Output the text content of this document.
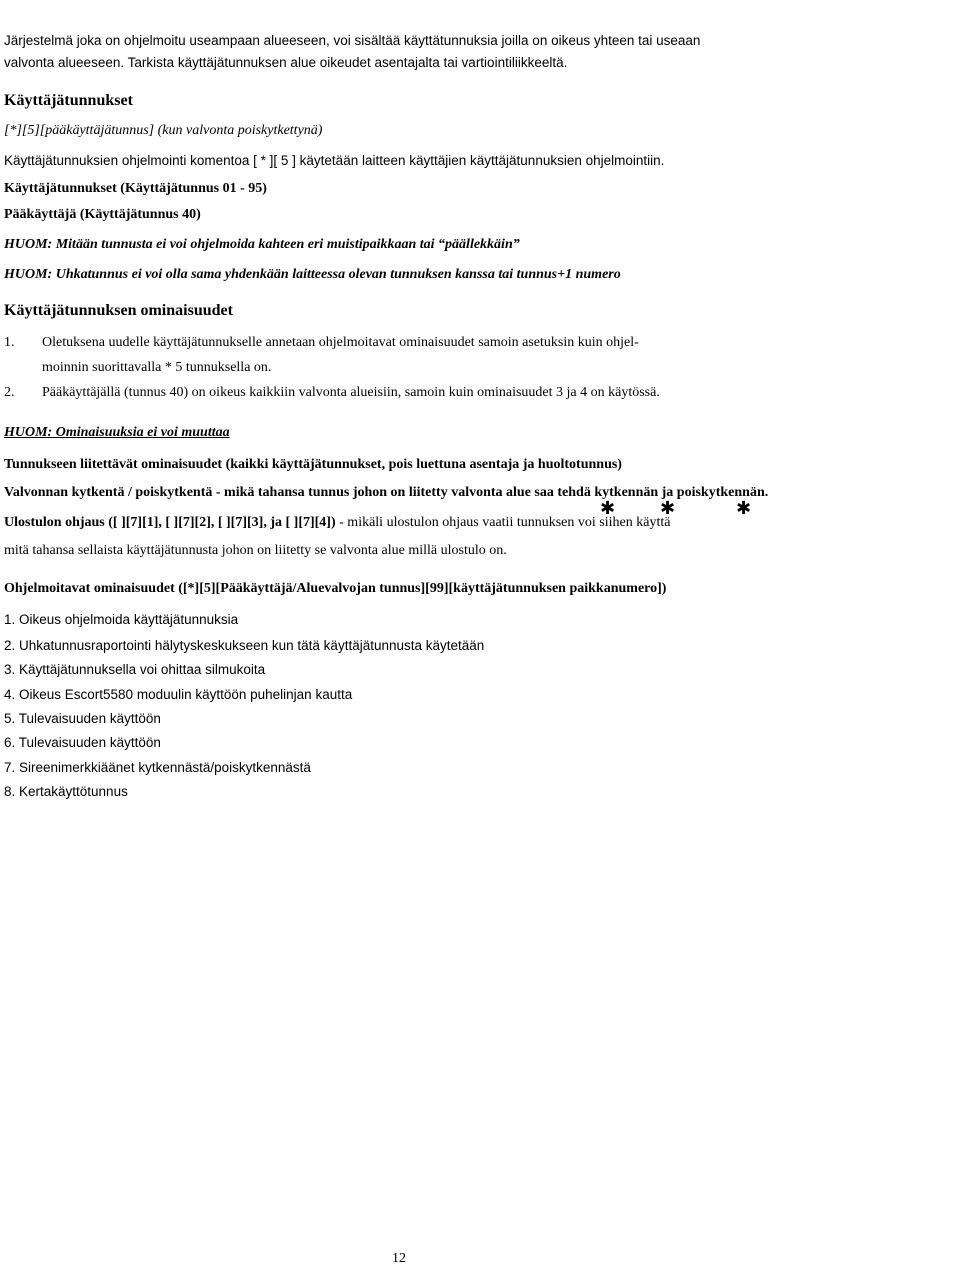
Järjestelmä joka on ohjelmoitu useampaan alueeseen, voi sisältää käyttätunnuksia joilla on oikeus yhteen tai useaan
valvonta alueeseen. Tarkista käyttäjätunnuksen alue oikeudet asentajalta tai vartiointiliikkeeltä.
Käyttäjätunnukset
[*][5][pääkäyttäjätunnus] (kun valvonta poiskytkettynä)
Käyttäjätunnuksien ohjelmointi komentoa [ * ][ 5 ] käytetään laitteen käyttäjien käyttäjätunnuksien ohjelmointiin.
Käyttäjätunnukset (Käyttäjätunnus 01 - 95)
Pääkäyttäjä (Käyttäjätunnus 40)
HUOM: Mitään tunnusta ei voi ohjelmoida kahteen eri muistipaikkaan tai “päällekkäin”
HUOM: Uhkatunnus ei voi olla sama yhdenkään laitteessa olevan tunnuksen kanssa tai tunnus+1 numero
Käyttäjätunnuksen ominaisuudet
1. Oletuksena uudelle käyttäjätunnukselle annetaan ohjelmoitavat ominaisuudet samoin asetuksin kuin ohjel-
moinnin suorittavalla * 5 tunnuksella on.
2. Pääkäyttäjällä (tunnus 40) on oikeus kaikkiin valvonta alueisiin, samoin kuin ominaisuudet 3 ja 4 on käytössä.
HUOM: Ominaisuuksia ei voi muuttaa
Tunnukseen liitettävät ominaisuudet (kaikki käyttäjätunnukset, pois luettuna asentaja ja huoltotunnus)
Valvonnan kytkentä / poiskytkentä - mikä tahansa tunnus johon on liitetty valvonta alue saa tehdä kytkennän ja poiskytkennän.
✱ ✱	✱
Ulostulon ohjaus ([ ][7][1], [ ][7][2], [ ][7][3], ja [ ][7][4]) - mikäli ulostulon ohjaus vaatii tunnuksen voi siihen käyttä
mitä tahansa sellaista käyttäjätunnusta johon on liitetty se valvonta alue millä ulostulo on.
Ohjelmoitavat ominaisuudet ([*][5][Pääkäyttäjä/Aluevalvojan tunnus][99][käyttäjätunnuksen paikkanumero])
1. Oikeus ohjelmoida käyttäjätunnuksia
2. Uhkatunnusraportointi hälytyskeskukseen kun tätä käyttäjätunnusta käytetään
3. Käyttäjätunnuksella voi ohittaa silmukoita
4. Oikeus Escort5580 moduulin käyttöön puhelinjan kautta
5. Tulevaisuuden käyttöön
6. Tulevaisuuden käyttöön
7. Sireenimerkkiäänet kytkennästä/poiskytkennästä
8. Kertakäyttötunnus
12
